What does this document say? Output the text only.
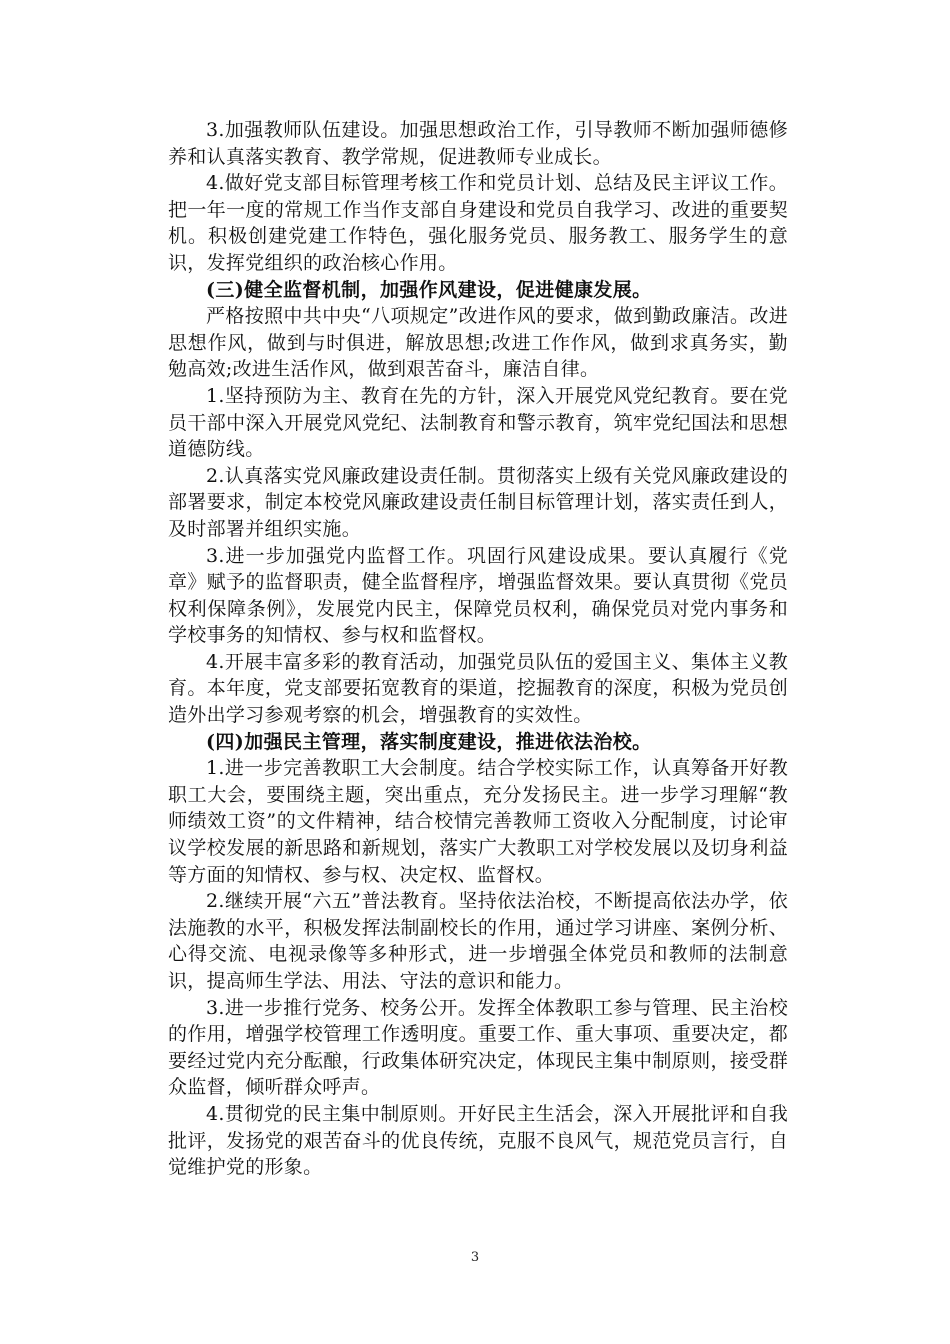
3.加强教师队伍建设。加强思想政治工作，引导教师不断加强师德修养和认真落实教育、教学常规，促进教师专业成长。

4.做好党支部目标管理考核工作和党员计划、总结及民主评议工作。把一年一度的常规工作当作支部自身建设和党员自我学习、改进的重要契机。积极创建党建工作特色，强化服务党员、服务教工、服务学生的意识，发挥党组织的政治核心作用。

(三)健全监督机制，加强作风建设，促进健康发展。

严格按照中共中央“八项规定”改进作风的要求，做到勤政廉洁。改进思想作风，做到与时俱进，解放思想;改进工作作风，做到求真务实，勤勉高效;改进生活作风，做到艰苦奋斗，廉洁自律。

1.坚持预防为主、教育在先的方针，深入开展党风党纪教育。要在党员干部中深入开展党风党纪、法制教育和警示教育，筑牢党纪国法和思想道德防线。

2.认真落实党风廉政建设责任制。贯彻落实上级有关党风廉政建设的部署要求，制定本校党风廉政建设责任制目标管理计划，落实责任到人，及时部署并组织实施。

3.进一步加强党内监督工作。巩固行风建设成果。要认真履行《党章》赋予的监督职责，健全监督程序，增强监督效果。要认真贯彻《党员权利保障条例》，发展党内民主，保障党员权利，确保党员对党内事务和学校事务的知情权、参与权和监督权。

4.开展丰富多彩的教育活动，加强党员队伍的爱国主义、集体主义教育。本年度，党支部要拓宽教育的渠道，挖掘教育的深度，积极为党员创造外出学习参观考察的机会，增强教育的实效性。

(四)加强民主管理，落实制度建设，推进依法治校。

1.进一步完善教职工大会制度。结合学校实际工作，认真筹备开好教职工大会，要围绕主题，突出重点，充分发扬民主。进一步学习理解“教师绩效工资”的文件精神，结合校情完善教师工资收入分配制度，讨论审议学校发展的新思路和新规划，落实广大教职工对学校发展以及切身利益等方面的知情权、参与权、决定权、监督权。

2.继续开展“六五”普法教育。坚持依法治校，不断提高依法办学，依法施教的水平，积极发挥法制副校长的作用，通过学习讲座、案例分析、心得交流、电视录像等多种形式，进一步增强全体党员和教师的法制意识，提高师生学法、用法、守法的意识和能力。

3.进一步推行党务、校务公开。发挥全体教职工参与管理、民主治校的作用，增强学校管理工作透明度。重要工作、重大事项、重要决定，都要经过党内充分酝酿，行政集体研究决定，体现民主集中制原则，接受群众监督，倾听群众呼声。

4.贯彻党的民主集中制原则。开好民主生活会，深入开展批评和自我批评，发扬党的艰苦奋斗的优良传统，克服不良风气，规范党员言行，自觉维护党的形象。

3
